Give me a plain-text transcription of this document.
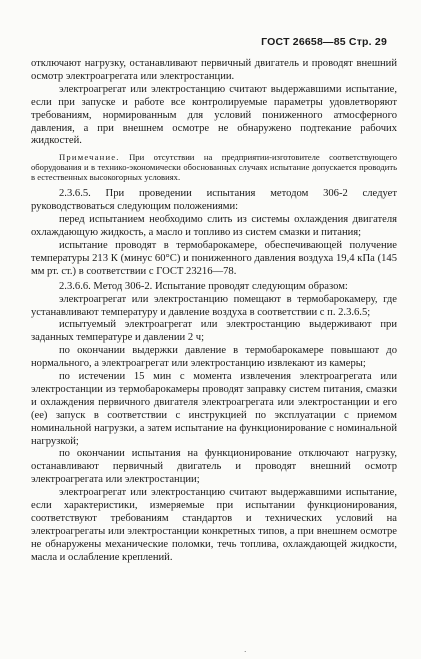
ГОСТ 26658—85 Стр. 29

отключают нагрузку, останавливают первичный двигатель и проводят внешний осмотр электроагрегата или электростанции.

электроагрегат или электростанцию считают выдержавшими испытание, если при запуске и работе все контролируемые параметры удовлетворяют требованиям, нормированным для условий пониженного атмосферного давления, а при внешнем осмотре не обнаружено подтекание рабочих жидкостей.

Примечание. При отсутствии на предприятии-изготовителе соответствующего оборудования и в технико-экономически обоснованных случаях испытание допускается проводить в естественных высокогорных условиях.

2.3.6.5. При проведении испытания методом 306-2 следует руководствоваться следующим положениями:

перед испытанием необходимо слить из системы охлаждения двигателя охлаждающую жидкость, а масло и топливо из систем смазки и питания;

испытание проводят в термобарокамере, обеспечивающей получение температуры 213 К (минус 60°С) и пониженного давления воздуха 19,4 кПа (145 мм рт. ст.) в соответствии с ГОСТ 23216—78.

2.3.6.6. Метод 306-2. Испытание проводят следующим образом:

электроагрегат или электростанцию помещают в термобарокамеру, где устанавливают температуру и давление воздуха в соответствии с п. 2.3.6.5;

испытуемый электроагрегат или электростанцию выдерживают при заданных температуре и давлении 2 ч;

по окончании выдержки давление в термобарокамере повышают до нормального, а электроагрегат или электростанцию извлекают из камеры;

по истечении 15 мин с момента извлечения электроагрегата или электростанции из термобарокамеры проводят заправку систем питания, смазки и охлаждения первичного двигателя электроагрегата или электростанции и его (ее) запуск в соответствии с инструкцией по эксплуатации с приемом номинальной нагрузки, а затем испытание на функционирование с номинальной нагрузкой;

по окончании испытания на функционирование отключают нагрузку, останавливают первичный двигатель и проводят внешний осмотр электроагрегата или электростанции;

электроагрегат или электростанцию считают выдержавшими испытание, если характеристики, измеряемые при испытании функционирования, соответствуют требованиям стандартов и технических условий на электроагрегаты или электростанции конкретных типов, а при внешнем осмотре не обнаружены механические поломки, течь топлива, охлаждающей жидкости, масла и ослабление креплений.

·
